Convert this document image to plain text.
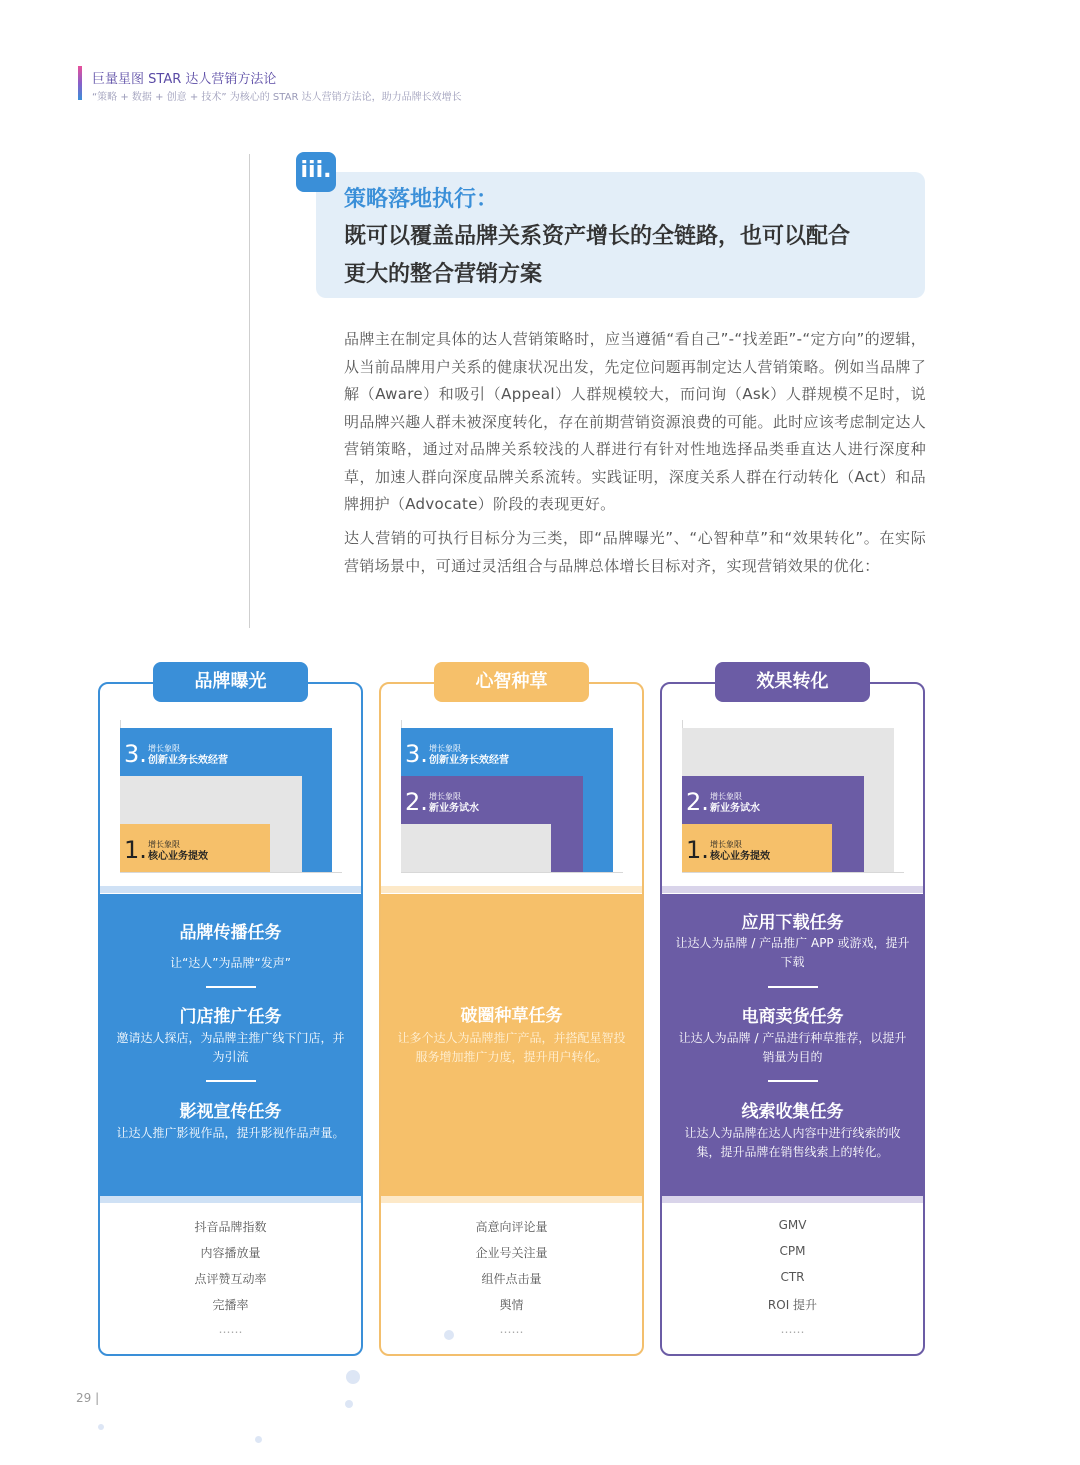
巨量星图 STAR 达人营销方法论
“策略 + 数据 + 创意 + 技术” 为核心的 STAR 达人营销方法论，助力品牌长效增长
iii.
策略落地执行：
既可以覆盖品牌关系资产增长的全链路，也可以配合
更大的整合营销方案

品牌主在制定具体的达人营销策略时，应当遵循“看自己”-“找差距”-“定方向”的逻辑，从当前品牌用户关系的健康状况出发，先定位问题再制定达人营销策略。例如当品牌了解（Aware）和吸引（Appeal）人群规模较大，而问询（Ask）人群规模不足时，说明品牌兴趣人群未被深度转化，存在前期营销资源浪费的可能。此时应该考虑制定达人营销策略，通过对品牌关系较浅的人群进行有针对性地选择品类垂直达人进行深度种草，加速人群向深度品牌关系流转。实践证明，深度关系人群在行动转化（Act）和品牌拥护（Advocate）阶段的表现更好。

达人营销的可执行目标分为三类，即“品牌曝光”、“心智种草”和“效果转化”。在实际营销场景中，可通过灵活组合与品牌总体增长目标对齐，实现营销效果的优化：

3. 增长象限
创新业务长效经营
1. 增长象限
核心业务提效
品牌传播任务
让“达人”为品牌“发声”
门店推广任务
邀请达人探店，为品牌主推广线下门店，并为引流
影视宣传任务
让达人推广影视作品，提升影视作品声量。
抖音品牌指数
内容播放量
点评赞互动率
完播率
……
品牌曝光
3. 增长象限
创新业务长效经营
2. 增长象限
新业务试水
破圈种草任务
让多个达人为品牌推广产品，并搭配星智投服务增加推广力度，提升用户转化。
高意向评论量
企业号关注量
组件点击量
舆情
……
心智种草
2. 增长象限
新业务试水
1. 增长象限
核心业务提效
应用下载任务
让达人为品牌 / 产品推广 APP 或游戏，提升下载
电商卖货任务
让达人为品牌 / 产品进行种草推荐，以提升销量为目的
线索收集任务
让达人为品牌在达人内容中进行线索的收集，提升品牌在销售线索上的转化。
GMV
CPM
CTR
ROI 提升
……
效果转化
29 |
